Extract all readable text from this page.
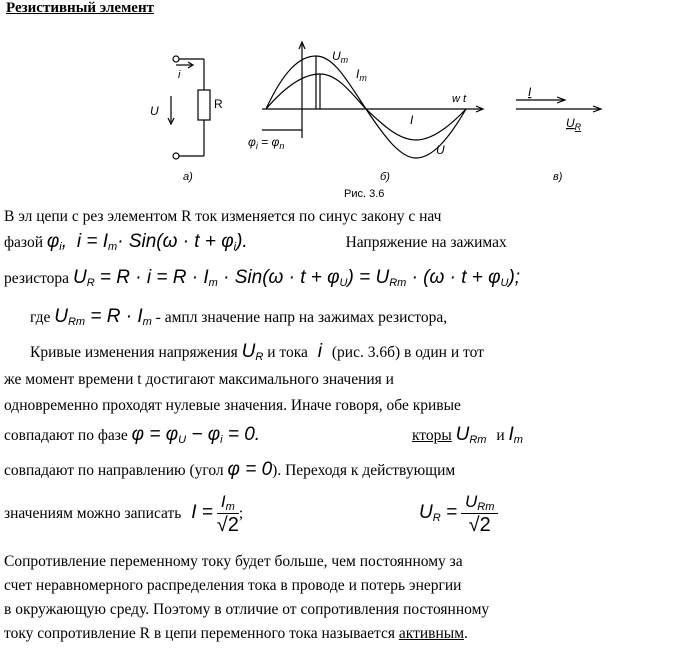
Резистивный элемент
i
U	R
а)
$U_m$
$I_m$
w t
I
U
$\varphi_i = \varphi_n$
б)
Рис. 3.6
I
$U_R$
в)
В эл цепи с рез элементом R ток изменяется по синус закону с нач
фазой φi, i = Im· Sin(ω · t + φi).	Напряжение на зажимах
резистора UR = R · i = R · Im · Sin(ω · t + φU) = URm · (ω · t + φU);
где URm = R · Im - ампл значение напр на зажимах резистора,
Кривые изменения напряжения UR и тока i (рис. 3.6б) в один и тот
же момент времени t достигают максимального значения и
одновременно проходят нулевые значения. Иначе говоря, обе кривые
совпадают по фазе φ = φU − φi = 0.	кторы URm и Im
совпадают по направлению (угол φ = 0). Переходя к действующим
значениям можно записать $I = \frac{Im}{√2}$ ;	UR = $\frac{\text{URm}}{√2}$
Сопротивление переменному току будет больше, чем постоянному за
счет неравномерного распределения тока в проводе и потерь энергии
в окружающую среду. Поэтому в отличие от сопротивления постоянному
току сопротивление R в цепи переменного тока называется активным.
